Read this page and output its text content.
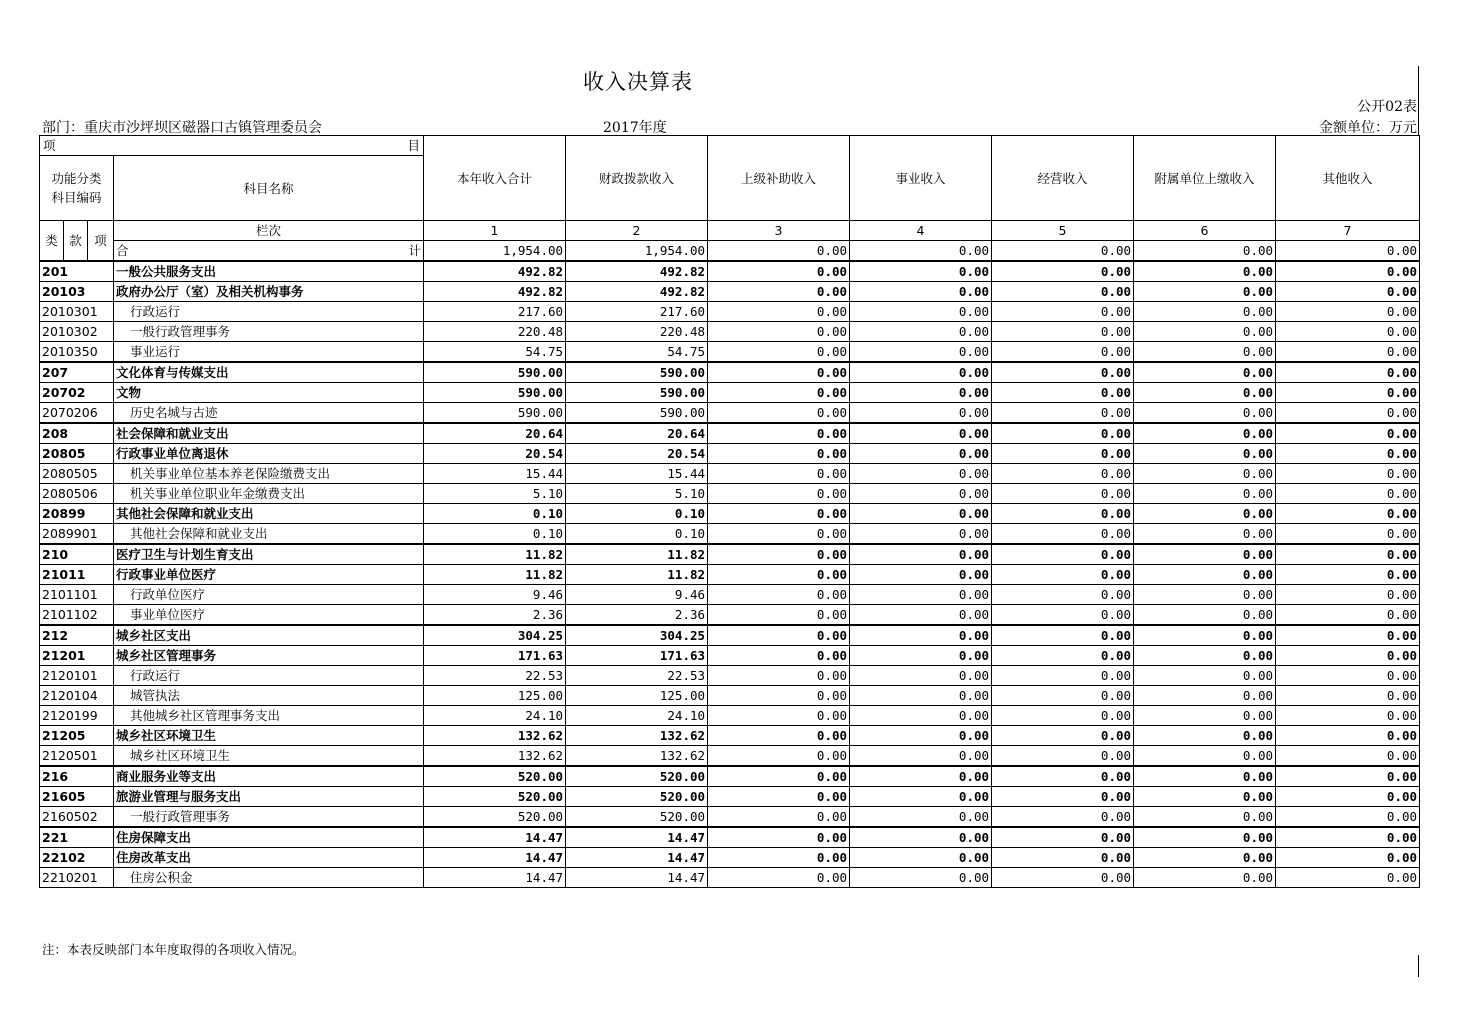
收入决算表
公开02表
部门：重庆市沙坪坝区磁器口古镇管理委员会	2017年度	金额单位：万元
项 目				本年收入合计	财政拨款收入	上级补助收入	事业收入	经营收入	附属单位上缴收入	其他收入
功能分类科目编码			科目名称							

类	款	项	栏次	1	2	3	4	5	6	7
			合 计	1,954.00	1,954.00	0.00	0.00	0.00	0.00	0.00
201			一般公共服务支出	492.82	492.82	0.00	0.00	0.00	0.00	0.00
20103			政府办公厅（室）及相关机构事务	492.82	492.82	0.00	0.00	0.00	0.00	0.00
2010301			行政运行	217.60	217.60	0.00	0.00	0.00	0.00	0.00
2010302			一般行政管理事务	220.48	220.48	0.00	0.00	0.00	0.00	0.00
2010350			事业运行	54.75	54.75	0.00	0.00	0.00	0.00	0.00
207			文化体育与传媒支出	590.00	590.00	0.00	0.00	0.00	0.00	0.00
20702			文物	590.00	590.00	0.00	0.00	0.00	0.00	0.00
2070206			历史名城与古迹	590.00	590.00	0.00	0.00	0.00	0.00	0.00
208			社会保障和就业支出	20.64	20.64	0.00	0.00	0.00	0.00	0.00
20805			行政事业单位离退休	20.54	20.54	0.00	0.00	0.00	0.00	0.00
2080505			机关事业单位基本养老保险缴费支出	15.44	15.44	0.00	0.00	0.00	0.00	0.00
2080506			机关事业单位职业年金缴费支出	5.10	5.10	0.00	0.00	0.00	0.00	0.00
20899			其他社会保障和就业支出	0.10	0.10	0.00	0.00	0.00	0.00	0.00
2089901			其他社会保障和就业支出	0.10	0.10	0.00	0.00	0.00	0.00	0.00
210			医疗卫生与计划生育支出	11.82	11.82	0.00	0.00	0.00	0.00	0.00
21011			行政事业单位医疗	11.82	11.82	0.00	0.00	0.00	0.00	0.00
2101101			行政单位医疗	9.46	9.46	0.00	0.00	0.00	0.00	0.00
2101102			事业单位医疗	2.36	2.36	0.00	0.00	0.00	0.00	0.00
212			城乡社区支出	304.25	304.25	0.00	0.00	0.00	0.00	0.00
21201			城乡社区管理事务	171.63	171.63	0.00	0.00	0.00	0.00	0.00
2120101			行政运行	22.53	22.53	0.00	0.00	0.00	0.00	0.00
2120104			城管执法	125.00	125.00	0.00	0.00	0.00	0.00	0.00
2120199			其他城乡社区管理事务支出	24.10	24.10	0.00	0.00	0.00	0.00	0.00
21205			城乡社区环境卫生	132.62	132.62	0.00	0.00	0.00	0.00	0.00
2120501			城乡社区环境卫生	132.62	132.62	0.00	0.00	0.00	0.00	0.00
216			商业服务业等支出	520.00	520.00	0.00	0.00	0.00	0.00	0.00
21605			旅游业管理与服务支出	520.00	520.00	0.00	0.00	0.00	0.00	0.00
2160502			一般行政管理事务	520.00	520.00	0.00	0.00	0.00	0.00	0.00
221			住房保障支出	14.47	14.47	0.00	0.00	0.00	0.00	0.00
22102			住房改革支出	14.47	14.47	0.00	0.00	0.00	0.00	0.00
2210201			住房公积金	14.47	14.47	0.00	0.00	0.00	0.00	0.00
注：本表反映部门本年度取得的各项收入情况。
